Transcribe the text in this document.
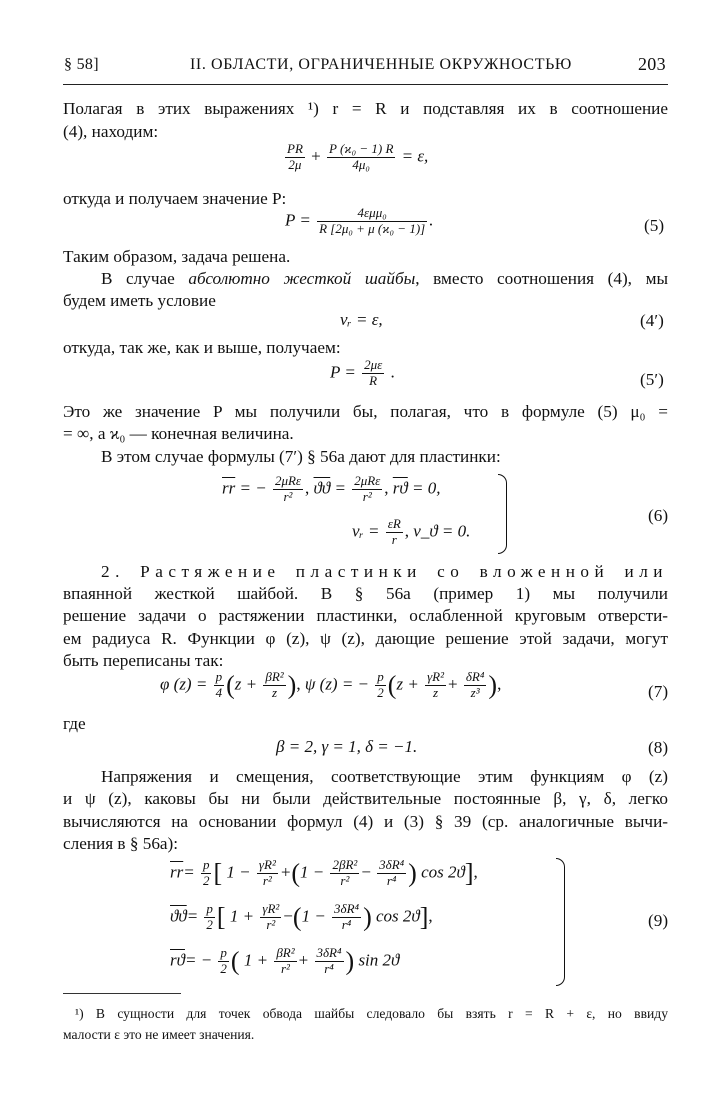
§ 58]	II. ОБЛАСТИ, ОГРАНИЧЕННЫЕ ОКРУЖНОСТЬЮ	203
Полагая в этих выражениях ¹) r = R и подставляя их в соотношение
(4), находим:
$\frac{PR}{2\mu} + \frac{\text{P (ϰ₀ − 1) R}}{\text{4μ₀}} = \varepsilon$,
откуда и получаем значение P:
$P = \frac{\text{4εμμ₀}}{\text{R [2μ₀ + μ (ϰ₀ − 1)]}}$ .	(5)
Таким образом, задача решена.
В случае абсолютно жесткой шайбы, вместо соотношения (4), мы
будем иметь условие
vᵣ = ε,	(4′)
откуда, так же, как и выше, получаем:
$P = \frac{2\mu\varepsilon}{R}$ .	(5′)
Это же значение P мы получили бы, полагая, что в формуле (5) μ₀ =
= ∞, а ϰ₀ — конечная величина.
В этом случае формулы (7′) § 56а дают для пластинки:
$\overline{rr}$ = − $\frac{\text{2μRε}}{\text{r²}}$ , $\overline{ϑϑ} = \frac{\text{2μRε}}{\text{r²}}$ , $\overline{rϑ} = 0$,
vᵣ = $\frac{\varepsilon R}{r}$ , v_ϑ = 0.
(6)
2. Растяжение пластинки со вложенной или
впаянной жесткой шайбой. В § 56а (пример 1) мы получили
решение задачи о растяжении пластинки, ослабленной круговым отверсти-
ем радиуса R. Функции φ (z), ψ (z), дающие решение этой задачи, могут
быть переписаны так:
φ $(z) = \frac{p}{4} (z + \frac{\text{βR²}}{z}$ ), ψ (z) = − $\frac{p}{2} (z + \frac{\text{γR²}}{z} + \frac{\text{δR⁴}}{\text{z³}}$ ),	(7)
где
β = 2, γ = 1, δ = −1.	(8)
Напряжения и смещения, соответствующие этим функциям φ (z)
и ψ (z), каковы бы ни были действительные постоянные β, γ, δ, легко
вычисляются на основании формул (4) и (3) § 39 (ср. аналогичные вычи-
сления в § 56а):
$\overline{rr}= \frac{p}{2}$ [ $1 - \frac{\text{γR²}}{\text{r²}} +(1 - \frac{\text{2βR²}}{\text{r²}} - \frac{\text{3δR⁴}}{\text{r⁴}}$ ) cos 2ϑ],
$\overline{ϑϑ}= \frac{p}{2}$ [ $1 + \frac{\text{γR²}}{\text{r²}} -(1 - \frac{\text{3δR⁴}}{\text{r⁴}}$ ) cos 2ϑ],
$\overline{rϑ}= - \frac{p}{2}$ ( $1 + \frac{\text{βR²}}{\text{r²}} + \frac{\text{3δR⁴}}{\text{r⁴}}$ ) sin 2ϑ
(9)
¹) В сущности для точек обвода шайбы следовало бы взять r = R + ε, но ввиду
малости ε это не имеет значения.
